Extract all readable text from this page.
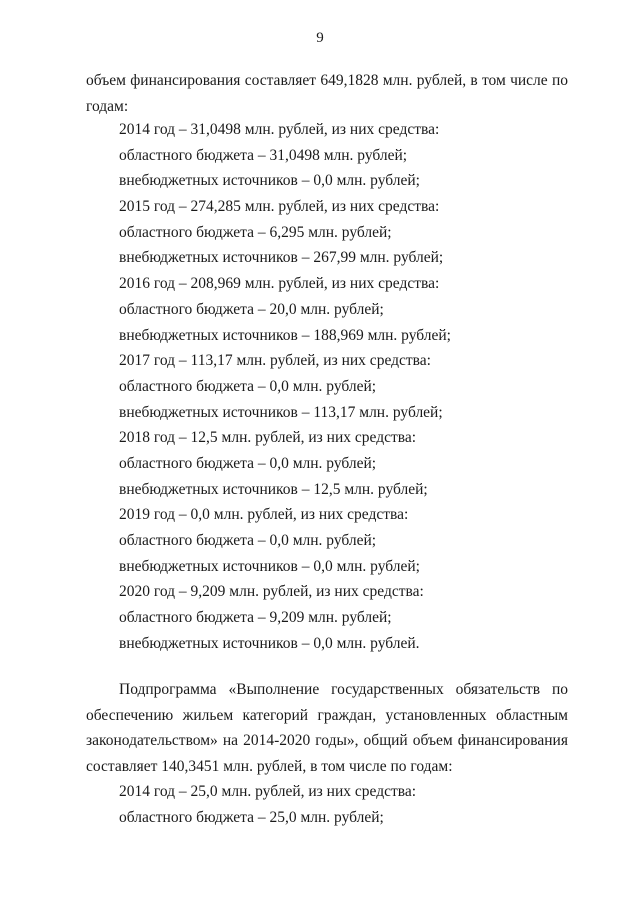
9

объем финансирования составляет 649,1828 млн. рублей, в том числе по годам:

2014 год – 31,0498 млн. рублей, из них средства:
областного бюджета – 31,0498 млн. рублей;
внебюджетных источников – 0,0 млн. рублей;
2015 год – 274,285 млн. рублей, из них средства:
областного бюджета – 6,295 млн. рублей;
внебюджетных источников – 267,99 млн. рублей;
2016 год – 208,969 млн. рублей, из них средства:
областного бюджета – 20,0 млн. рублей;
внебюджетных источников – 188,969 млн. рублей;
2017 год – 113,17 млн. рублей, из них средства:
областного бюджета – 0,0 млн. рублей;
внебюджетных источников – 113,17 млн. рублей;
2018 год – 12,5 млн. рублей, из них средства:
областного бюджета – 0,0 млн. рублей;
внебюджетных источников – 12,5 млн. рублей;
2019 год – 0,0 млн. рублей, из них средства:
областного бюджета – 0,0 млн. рублей;
внебюджетных источников – 0,0 млн. рублей;
2020 год – 9,209 млн. рублей, из них средства:
областного бюджета – 9,209 млн. рублей;
внебюджетных источников – 0,0 млн. рублей.

Подпрограмма «Выполнение государственных обязательств по обеспечению жильем категорий граждан, установленных областным законодательством» на 2014-2020 годы», общий объем финансирования составляет 140,3451 млн. рублей, в том числе по годам:

2014 год – 25,0 млн. рублей, из них средства:
областного бюджета – 25,0 млн. рублей;
